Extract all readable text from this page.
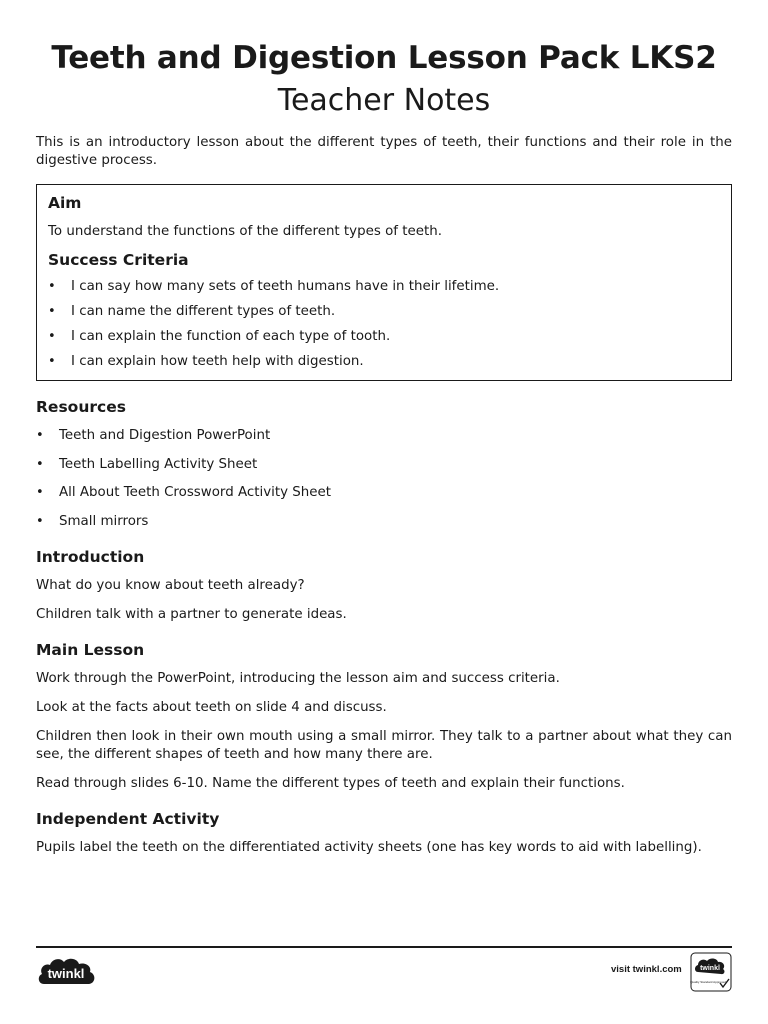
Teeth and Digestion Lesson Pack LKS2
Teacher Notes

This is an introductory lesson about the different types of teeth, their functions and their role in the digestive process.

Aim

To understand the functions of the different types of teeth.

Success Criteria
• I can say how many sets of teeth humans have in their lifetime.
• I can name the different types of teeth.
• I can explain the function of each type of tooth.
• I can explain how teeth help with digestion.
Resources
• Teeth and Digestion PowerPoint
• Teeth Labelling Activity Sheet
• All About Teeth Crossword Activity Sheet
• Small mirrors
Introduction

What do you know about teeth already?

Children talk with a partner to generate ideas.

Main Lesson

Work through the PowerPoint, introducing the lesson aim and success criteria.

Look at the facts about teeth on slide 4 and discuss.

Children then look in their own mouth using a small mirror. They talk to a partner about what they can see, the different shapes of teeth and how many there are.

Read through slides 6-10. Name the different types of teeth and explain their functions.

Independent Activity

Pupils label the teeth on the differentiated activity sheets (one has key words to aid with labelling).

twinkl	visit twinkl.com	twinkl
Quality Standard Approved
